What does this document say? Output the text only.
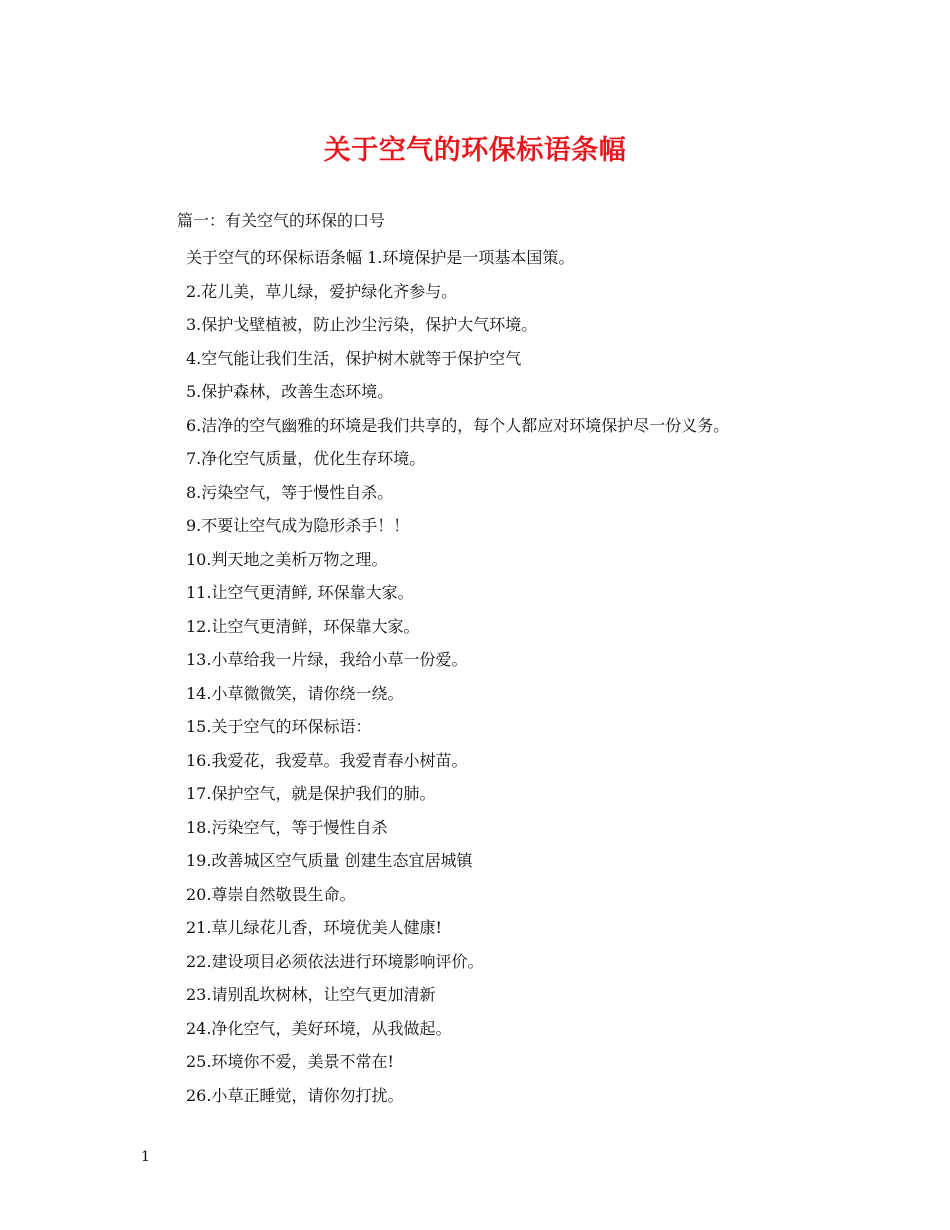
关于空气的环保标语条幅
篇一：有关空气的环保的口号
关于空气的环保标语条幅 1.环境保护是一项基本国策。
2.花儿美，草儿绿，爱护绿化齐参与。
3.保护戈壁植被，防止沙尘污染，保护大气环境。
4.空气能让我们生活，保护树木就等于保护空气
5.保护森林，改善生态环境。
6.洁净的空气幽雅的环境是我们共享的，每个人都应对环境保护尽一份义务。
7.净化空气质量，优化生存环境。
8.污染空气，等于慢性自杀。
9.不要让空气成为隐形杀手！！
10.判天地之美析万物之理。
11.让空气更清鲜, 环保靠大家。
12.让空气更清鲜，环保靠大家。
13.小草给我一片绿，我给小草一份爱。
14.小草微微笑，请你绕一绕。
15.关于空气的环保标语：
16.我爱花，我爱草。我爱青春小树苗。
17.保护空气，就是保护我们的肺。
18.污染空气，等于慢性自杀
19.改善城区空气质量 创建生态宜居城镇
20.尊崇自然敬畏生命。
21.草儿绿花儿香，环境优美人健康!
22.建设项目必须依法进行环境影响评价。
23.请别乱坎树林，让空气更加清新
24.净化空气，美好环境，从我做起。
25.环境你不爱，美景不常在!
26.小草正睡觉，请你勿打扰。
1
